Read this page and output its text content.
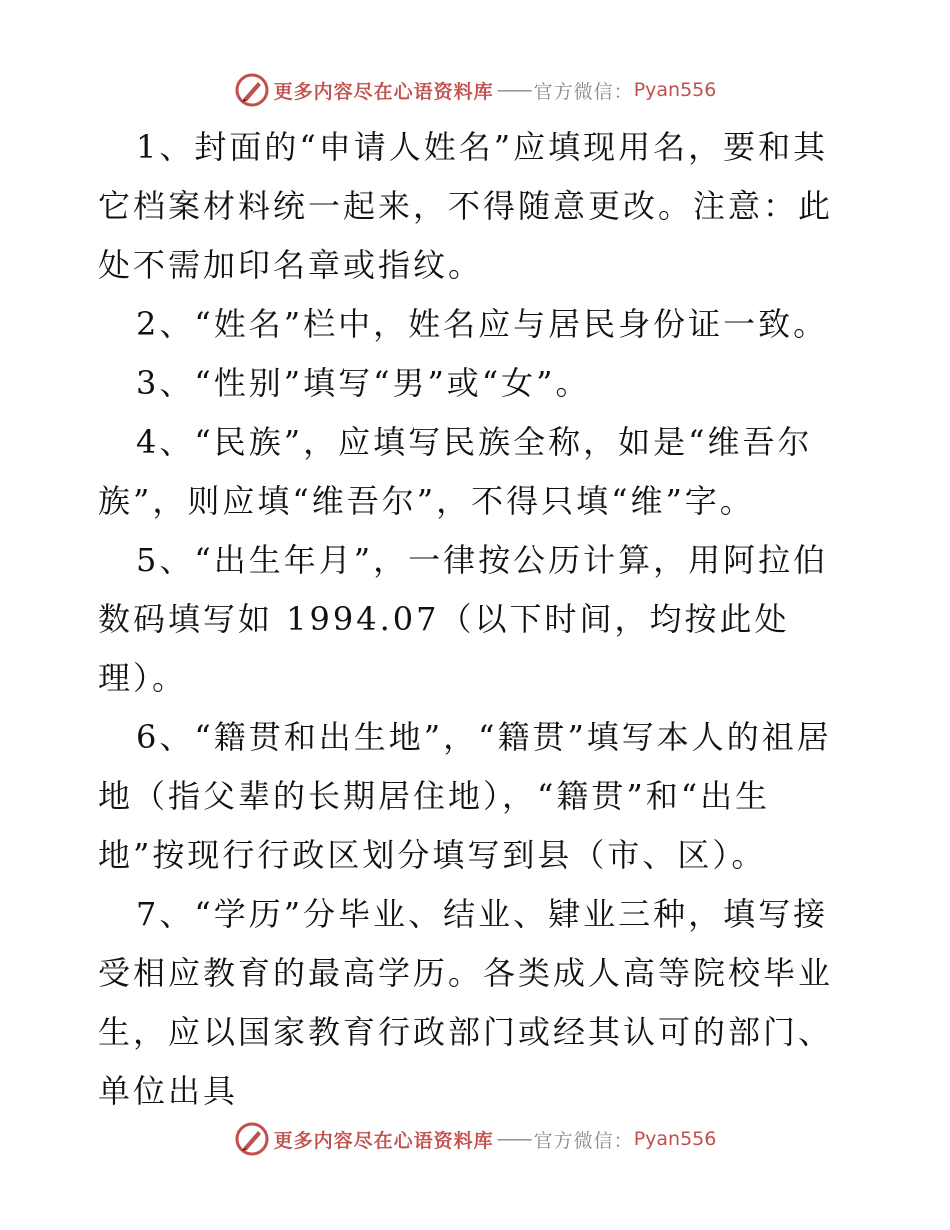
更多内容尽在心语资料库 —— 官方微信： Pyan556

1、封面的“申请人姓名”应填现用名，要和其它档案材料统一起来，不得随意更改。注意：此处不需加印名章或指纹。

2、“姓名”栏中，姓名应与居民身份证一致。

3、“性别”填写“男”或“女”。

4、“民族”，应填写民族全称，如是“维吾尔族”，则应填“维吾尔”，不得只填“维”字。

5、“出生年月”，一律按公历计算，用阿拉伯数码填写如 1994.07（以下时间，均按此处理）。

6、“籍贯和出生地”，“籍贯”填写本人的祖居地（指父辈的长期居住地），“籍贯”和“出生地”按现行行政区划分填写到县（市、区）。

7、“学历”分毕业、结业、肄业三种，填写接受相应教育的最高学历。各类成人高等院校毕业生，应以国家教育行政部门或经其认可的部门、单位出具

更多内容尽在心语资料库 —— 官方微信： Pyan556
